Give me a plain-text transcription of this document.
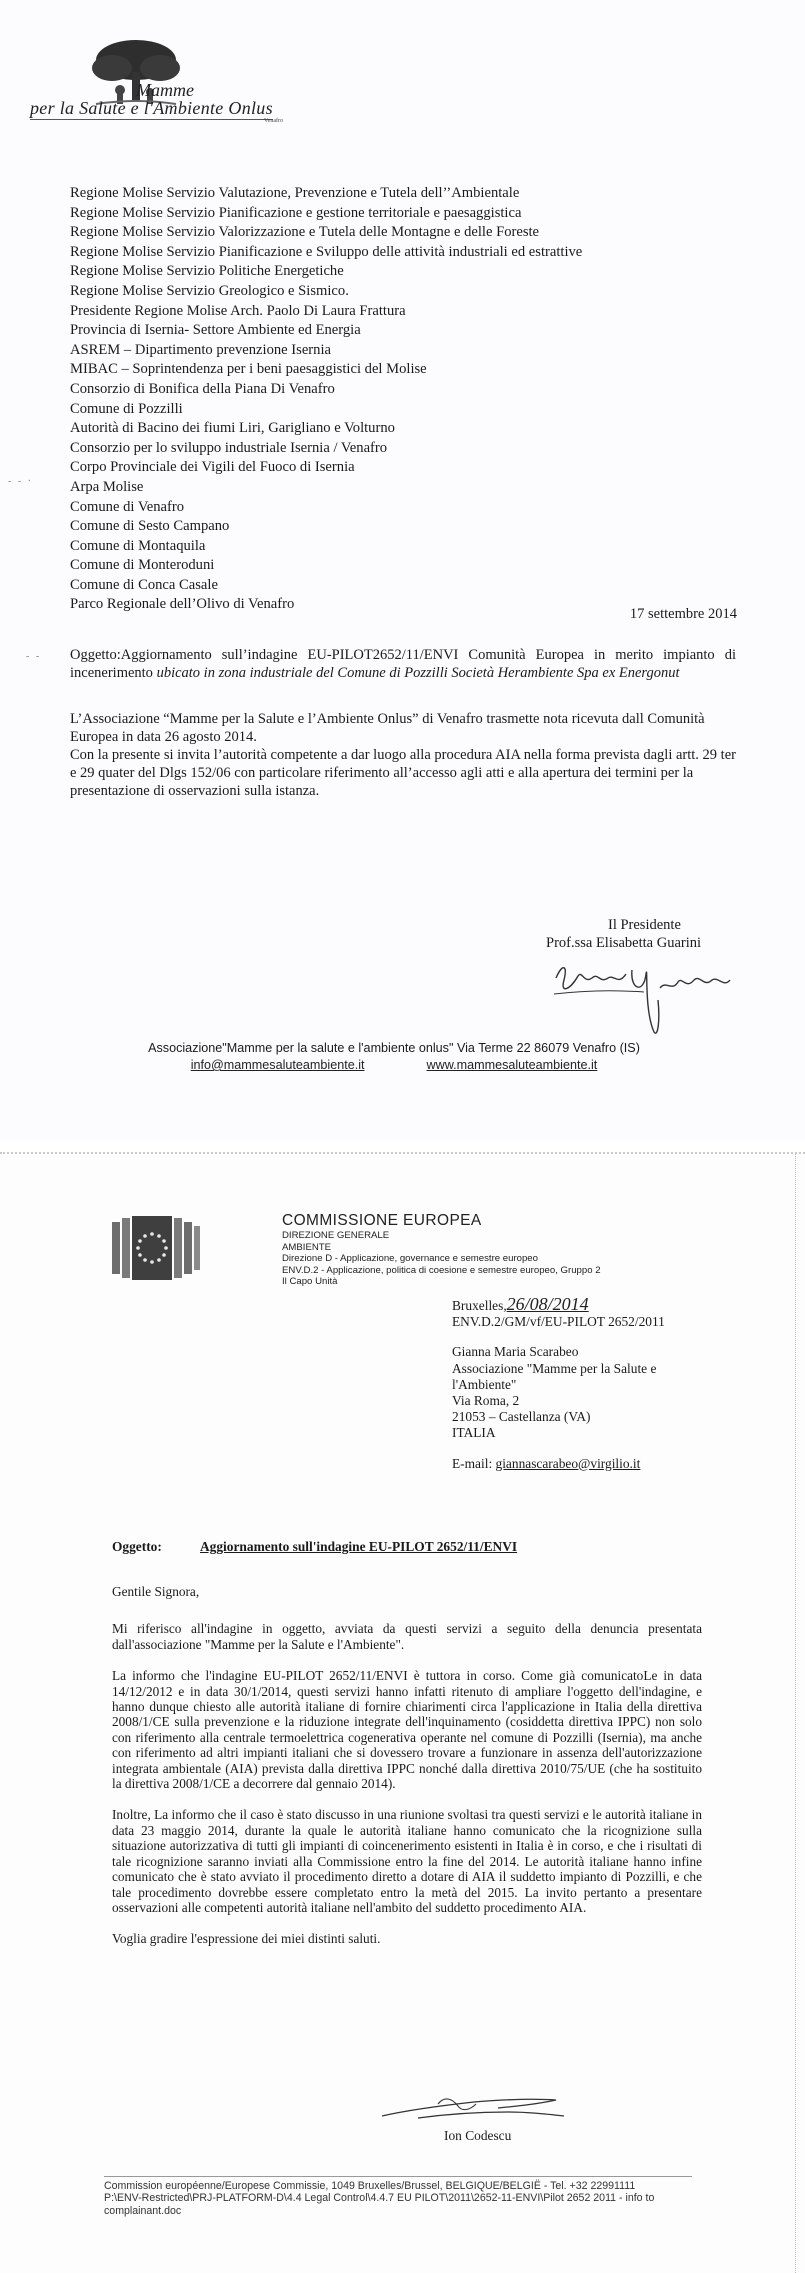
Mamme
per la Salute e l'Ambiente Onlus
Venafro
Regione Molise Servizio Valutazione, Prevenzione e Tutela dell’’Ambientale
Regione Molise Servizio Pianificazione e gestione territoriale e paesaggistica
Regione Molise Servizio Valorizzazione e Tutela delle Montagne e delle Foreste
Regione Molise Servizio Pianificazione e Sviluppo delle attività industriali ed estrattive
Regione Molise Servizio Politiche Energetiche
Regione Molise Servizio Greologico e Sismico.
Presidente Regione Molise Arch. Paolo Di Laura Frattura
Provincia di Isernia- Settore Ambiente ed Energia
ASREM – Dipartimento prevenzione Isernia
MIBAC – Soprintendenza per i beni paesaggistici del Molise
Consorzio di Bonifica della Piana Di Venafro
Comune di Pozzilli
Autorità di Bacino dei fiumi Liri, Garigliano e Volturno
Consorzio per lo sviluppo industriale Isernia / Venafro
Corpo Provinciale dei Vigili del Fuoco di Isernia
Arpa Molise
Comune di Venafro
Comune di Sesto Campano
Comune di Montaquila
Comune di Monteroduni
Comune di Conca Casale
Parco Regionale dell’Olivo di Venafro
- - ·
- -
17 settembre 2014
Oggetto:Aggiornamento sull’indagine EU-PILOT2652/11/ENVI Comunità Europea in merito impianto di incenerimento ubicato in zona industriale del Comune di Pozzilli Società Herambiente Spa ex Energonut

L’Associazione “Mamme per la Salute e l’Ambiente Onlus” di Venafro trasmette nota ricevuta dall Comunità Europea in data 26 agosto 2014.

Con la presente si invita l’autorità competente a dar luogo alla procedura AIA nella forma prevista dagli artt. 29 ter e 29 quater del Dlgs 152/06 con particolare riferimento all’accesso agli atti e alla apertura dei termini per la presentazione di osservazioni sulla istanza.

Il Presidente
Prof.ssa Elisabetta Guarini
Associazione"Mamme per la salute e l'ambiente onlus" Via Terme 22 86079 Venafro (IS)
info@mammesaluteambiente.it	www.mammesaluteambiente.it
COMMISSIONE EUROPEA
DIREZIONE GENERALE
AMBIENTE
Direzione D - Applicazione, governance e semestre europeo
ENV.D.2 - Applicazione, politica di coesione e semestre europeo, Gruppo 2
Il Capo Unità
Bruxelles,26/08/2014
ENV.D.2/GM/vf/EU-PILOT 2652/2011
Gianna Maria Scarabeo
Associazione "Mamme per la Salute e
l'Ambiente"
Via Roma, 2
21053 – Castellanza (VA)
ITALIA
E-mail: giannascarabeo@virgilio.it
Oggetto:	Aggiornamento sull'indagine EU-PILOT 2652/11/ENVI

Gentile Signora,

Mi riferisco all'indagine in oggetto, avviata da questi servizi a seguito della denuncia presentata dall'associazione "Mamme per la Salute e l'Ambiente".

La informo che l'indagine EU-PILOT 2652/11/ENVI è tuttora in corso. Come già comunicatoLe in data 14/12/2012 e in data 30/1/2014, questi servizi hanno infatti ritenuto di ampliare l'oggetto dell'indagine, e hanno dunque chiesto alle autorità italiane di fornire chiarimenti circa l'applicazione in Italia della direttiva 2008/1/CE sulla prevenzione e la riduzione integrate dell'inquinamento (cosiddetta direttiva IPPC) non solo con riferimento alla centrale termoelettrica cogenerativa operante nel comune di Pozzilli (Isernia), ma anche con riferimento ad altri impianti italiani che si dovessero trovare a funzionare in assenza dell'autorizzazione integrata ambientale (AIA) prevista dalla direttiva IPPC nonché dalla direttiva 2010/75/UE (che ha sostituito la direttiva 2008/1/CE a decorrere dal gennaio 2014).

Inoltre, La informo che il caso è stato discusso in una riunione svoltasi tra questi servizi e le autorità italiane in data 23 maggio 2014, durante la quale le autorità italiane hanno comunicato che la ricognizione sulla situazione autorizzativa di tutti gli impianti di coincenerimento esistenti in Italia è in corso, e che i risultati di tale ricognizione saranno inviati alla Commissione entro la fine del 2014. Le autorità italiane hanno infine comunicato che è stato avviato il procedimento diretto a dotare di AIA il suddetto impianto di Pozzilli, e che tale procedimento dovrebbe essere completato entro la metà del 2015. La invito pertanto a presentare osservazioni alle competenti autorità italiane nell'ambito del suddetto procedimento AIA.

Voglia gradire l'espressione dei miei distinti saluti.

Ion Codescu
Commission européenne/Europese Commissie, 1049 Bruxelles/Brussel, BELGIQUE/BELGIË - Tel. +32 22991111
P:\ENV-Restricted\PRJ-PLATFORM-D\4.4 Legal Control\4.4.7 EU PILOT\2011\2652-11-ENVI\Pilot 2652 2011 - info to complainant.doc
